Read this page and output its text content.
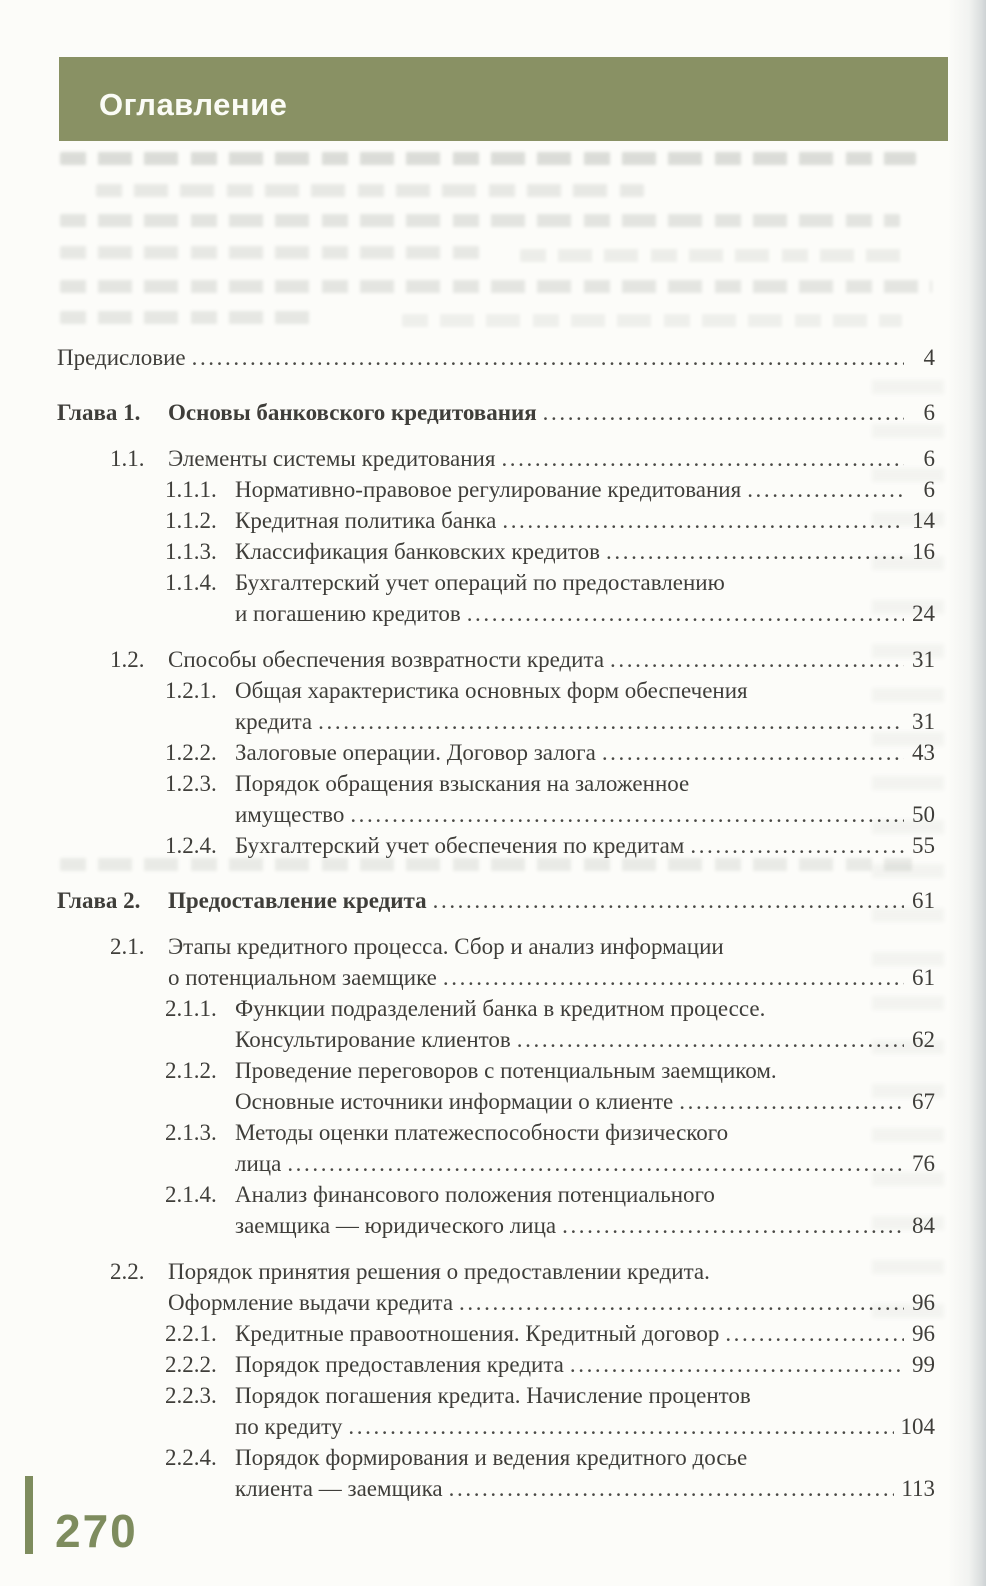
Оглавление
Предисловие .....	4
Глава 1.	Основы банковского кредитования .....	6
1.1.	Элементы системы кредитования .....	6
1.1.1. Нормативно-правовое регулирование кредитования .....	6
1.1.2. Кредитная политика банка .....	14
1.1.3. Классификация банковских кредитов .....	16
1.1.4. Бухгалтерский учет операций по предоставлению
и погашению кредитов .....	24
1.2.	Способы обеспечения возвратности кредита .....	31
1.2.1. Общая характеристика основных форм обеспечения
кредита .....	31
1.2.2. Залоговые операции. Договор залога .....	43
1.2.3. Порядок обращения взыскания на заложенное
имущество .....	50
1.2.4. Бухгалтерский учет обеспечения по кредитам .....	55
Глава 2.	Предоставление кредита .....	61
2.1.	Этапы кредитного процесса. Сбор и анализ информации
о потенциальном заемщике .....	61
2.1.1. Функции подразделений банка в кредитном процессе.
Консультирование клиентов .....	62
2.1.2. Проведение переговоров с потенциальным заемщиком.
Основные источники информации о клиенте .....	67
2.1.3. Методы оценки платежеспособности физического
лица .....	76
2.1.4. Анализ финансового положения потенциального
заемщика — юридического лица .....	84
2.2.	Порядок принятия решения о предоставлении кредита.
Оформление выдачи кредита .....	96
2.2.1. Кредитные правоотношения. Кредитный договор .....	96
2.2.2. Порядок предоставления кредита .....	99
2.2.3. Порядок погашения кредита. Начисление процентов
по кредиту .....	104
2.2.4. Порядок формирования и ведения кредитного досье
клиента — заемщика .....	113
270
